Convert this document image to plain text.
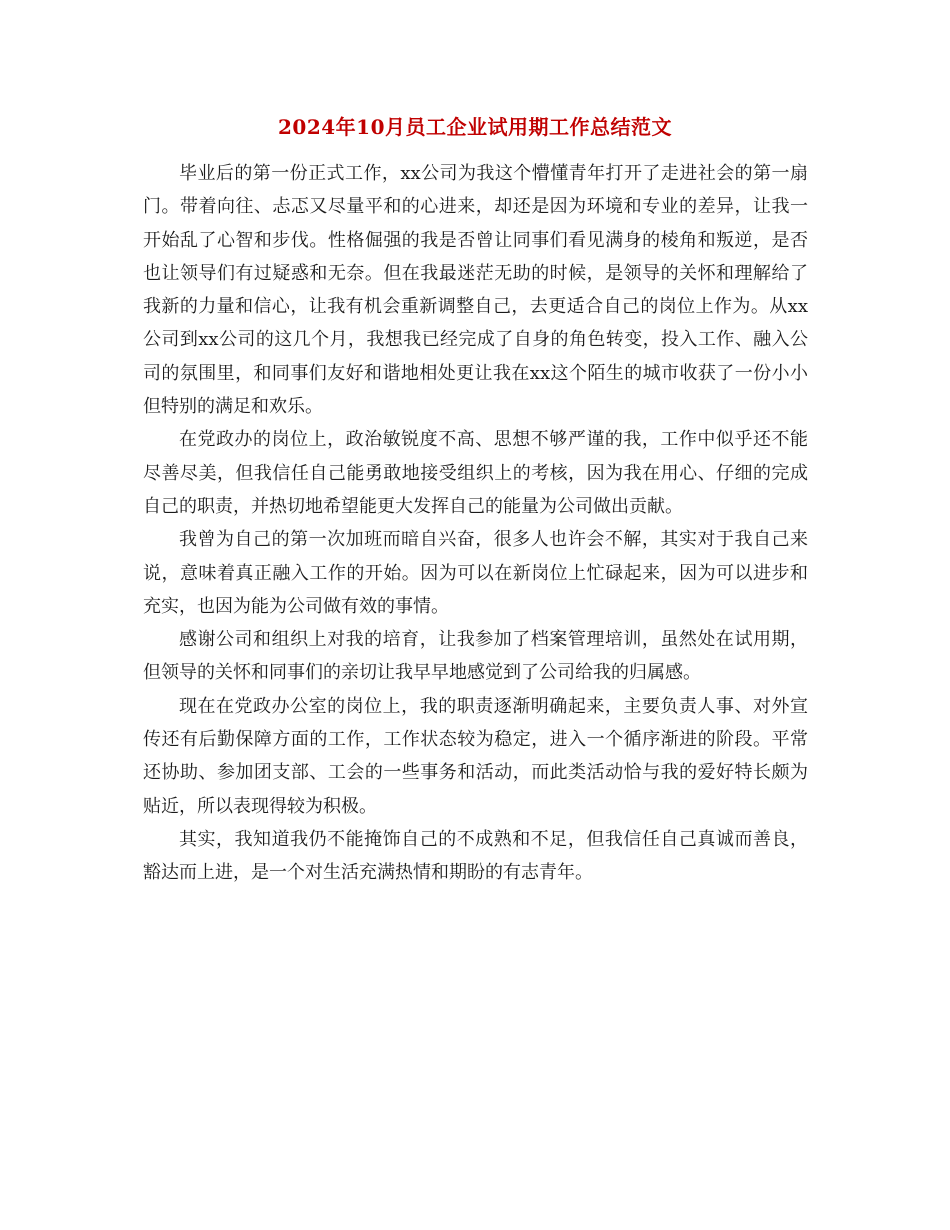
2024年10月员工企业试用期工作总结范文

毕业后的第一份正式工作，xx公司为我这个懵懂青年打开了走进社会的第一扇门。带着向往、忐忑又尽量平和的心进来，却还是因为环境和专业的差异，让我一开始乱了心智和步伐。性格倔强的我是否曾让同事们看见满身的棱角和叛逆，是否也让领导们有过疑惑和无奈。但在我最迷茫无助的时候，是领导的关怀和理解给了我新的力量和信心，让我有机会重新调整自己，去更适合自己的岗位上作为。从xx公司到xx公司的这几个月，我想我已经完成了自身的角色转变，投入工作、融入公司的氛围里，和同事们友好和谐地相处更让我在xx这个陌生的城市收获了一份小小但特别的满足和欢乐。

在党政办的岗位上，政治敏锐度不高、思想不够严谨的我，工作中似乎还不能尽善尽美，但我信任自己能勇敢地接受组织上的考核，因为我在用心、仔细的完成自己的职责，并热切地希望能更大发挥自己的能量为公司做出贡献。

我曾为自己的第一次加班而暗自兴奋，很多人也许会不解，其实对于我自己来说，意味着真正融入工作的开始。因为可以在新岗位上忙碌起来，因为可以进步和充实，也因为能为公司做有效的事情。

感谢公司和组织上对我的培育，让我参加了档案管理培训，虽然处在试用期，但领导的关怀和同事们的亲切让我早早地感觉到了公司给我的归属感。

现在在党政办公室的岗位上，我的职责逐渐明确起来，主要负责人事、对外宣传还有后勤保障方面的工作，工作状态较为稳定，进入一个循序渐进的阶段。平常还协助、参加团支部、工会的一些事务和活动，而此类活动恰与我的爱好特长颇为贴近，所以表现得较为积极。

其实，我知道我仍不能掩饰自己的不成熟和不足，但我信任自己真诚而善良，豁达而上进，是一个对生活充满热情和期盼的有志青年。
